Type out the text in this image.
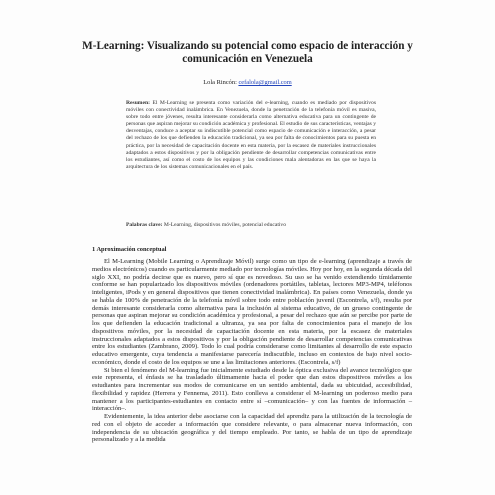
M-Learning: Visualizando su potencial como espacio de interacción y comunicación en Venezuela
Lola Rincón: cefalola@gmail.com
Resumen: El M-Learning se presenta como variación del e-learning, cuando es mediado por dispositivos móviles con conectividad inalámbrica. En Venezuela, donde la penetración de la telefonía móvil es masiva, sobre todo entre jóvenes, resulta interesante considerarla como alternativa educativa para un contingente de personas que aspiran mejorar su condición académica y profesional. El estudio de sus características, ventajas y desventajas, conduce a aceptar su indiscutible potencial como espacio de comunicación e interacción, a pesar del rechazo de los que defienden la educación tradicional, ya sea por falta de conocimientos para su puesta en práctica, por la necesidad de capacitación docente en esta materia, por la escasez de materiales instruccionales adaptados a estos dispositivos y por la obligación pendiente de desarrollar competencias comunicativas entre los estudiantes, así como el costo de los equipos y las condiciones mala alentadoras en las que se haya la arquitectura de los sistemas comunicacionales en el país.
Palabras clave: M-Learning, dispositivos móviles, potencial educativo
1 Aproximación conceptual

El M-Learning (Mobile Learning o Aprendizaje Móvil) surge como un tipo de e-learning (aprendizaje a través de medios electrónicos) cuando es particularmente mediado por tecnologías móviles. Hoy por hoy, en la segunda década del siglo XXI, no podría decirse que es nuevo, pero sí que es novedoso. Su uso se ha venido extendiendo tímidamente conforme se han popularizado los dispositivos móviles (ordenadores portátiles, tabletas, lectores MP3-MP4, teléfonos inteligentes, iPods y en general dispositivos que tienen conectividad inalámbrica). En países como Venezuela, donde ya se habla de 100% de penetración de la telefonía móvil sobre todo entre población juvenil (Escontrela, s/f), resulta por demás interesante considerarla como alternativa para la inclusión al sistema educativo, de un grueso contingente de personas que aspiran mejorar su condición académica y profesional, a pesar del rechazo que aún se percibe por parte de los que defienden la educación tradicional a ultranza, ya sea por falta de conocimientos para el manejo de los dispositivos móviles, por la necesidad de capacitación docente en esta materia, por la escasez de materiales instruccionales adaptados a estos dispositivos y por la obligación pendiente de desarrollar competencias comunicativas entre los estudiantes (Zambrano, 2009). Todo lo cual podría considerarse como limitantes al desarrollo de este espacio educativo emergente, cuya tendencia a manifestarse parecería indiscutible, incluso en contextos de bajo nivel socio-económico, donde el costo de los equipos se une a las limitaciones anteriores. (Escontrela, s/f)

Si bien el fenómeno del M-learning fue inicialmente estudiado desde la óptica exclusiva del avance tecnológico que este representa, el énfasis se ha trasladado últimamente hacia el poder que dan estos dispositivos móviles a los estudiantes para incrementar sus modos de comunicarse en un sentido ambiental, dada su ubicuidad, accesibilidad, flexibilidad y rapidez (Herrera y Fennema, 2011). Esto conlleva a considerar el M-learning un poderoso medio para mantener a los participantes-estudiantes en contacto entre sí –comunicación– y con las fuentes de información –interacción–.

Evidentemente, la idea anterior debe asociarse con la capacidad del aprendiz para la utilización de la tecnología de red con el objeto de acceder a información que considere relevante, o para almacenar nueva información, con independencia de su ubicación geográfica y del tiempo empleado. Por tanto, se habla de un tipo de aprendizaje personalizado y a la medida
